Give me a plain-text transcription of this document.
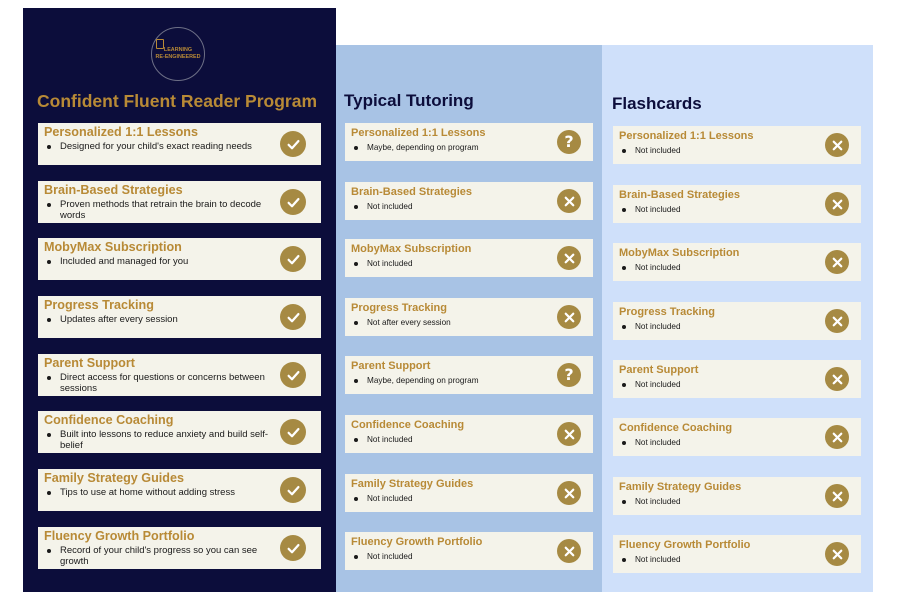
LEARNING
RE-ENGINEERED
Confident Fluent Reader Program
Personalized 1:1 Lessons
Designed for your child's exact reading needs
Brain-Based Strategies
Proven methods that retrain the brain to decode words
MobyMax Subscription
Included and managed for you
Progress Tracking
Updates after every session
Parent Support
Direct access for questions or concerns between sessions
Confidence Coaching
Built into lessons to reduce anxiety and build self-belief
Family Strategy Guides
Tips to use at home without adding stress
Fluency Growth Portfolio
Record of your child's progress so you can see growth
Typical Tutoring
Personalized 1:1 Lessons
Maybe, depending on program	?
Brain-Based Strategies
Not included
MobyMax Subscription
Not included
Progress Tracking
Not after every session
Parent Support
Maybe, depending on program	?
Confidence Coaching
Not included
Family Strategy Guides
Not included
Fluency Growth Portfolio
Not included
Flashcards
Personalized 1:1 Lessons
Not included
Brain-Based Strategies
Not included
MobyMax Subscription
Not included
Progress Tracking
Not included
Parent Support
Not included
Confidence Coaching
Not included
Family Strategy Guides
Not included
Fluency Growth Portfolio
Not included
